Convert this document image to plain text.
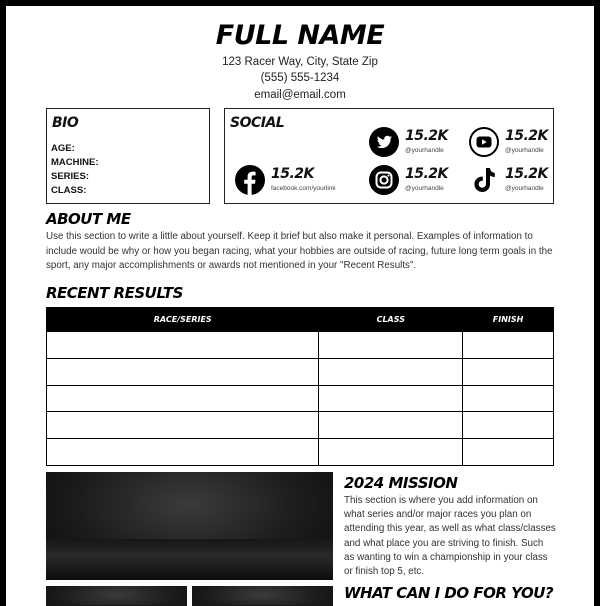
FULL NAME
123 Racer Way, City, State Zip
(555) 555-1234
email@email.com
BIO
AGE:
MACHINE:
SERIES:
CLASS:
SOCIAL
15.2K
@yourhandle
15.2K
@yourhandle
15.2K
facebook.com/yourlink
15.2K
@yourhandle
15.2K
@yourhandle
ABOUT ME
Use this section to write a little about yourself. Keep it brief but also make it personal. Examples of information to include would be why or how you began racing, what your hobbies are outside of racing, future long term goals in the sport, any major accomplishments or awards not mentioned in your "Recent Results".
RECENT RESULTS
RACE/SERIES	CLASS	FINISH

2024 MISSION
This section is where you add information on what series and/or major races you plan on attending this year, as well as what class/classes and what place you are striving to finish. Such as wanting to win a championship in your class or finish top 5, etc.
WHAT CAN I DO FOR YOU?
